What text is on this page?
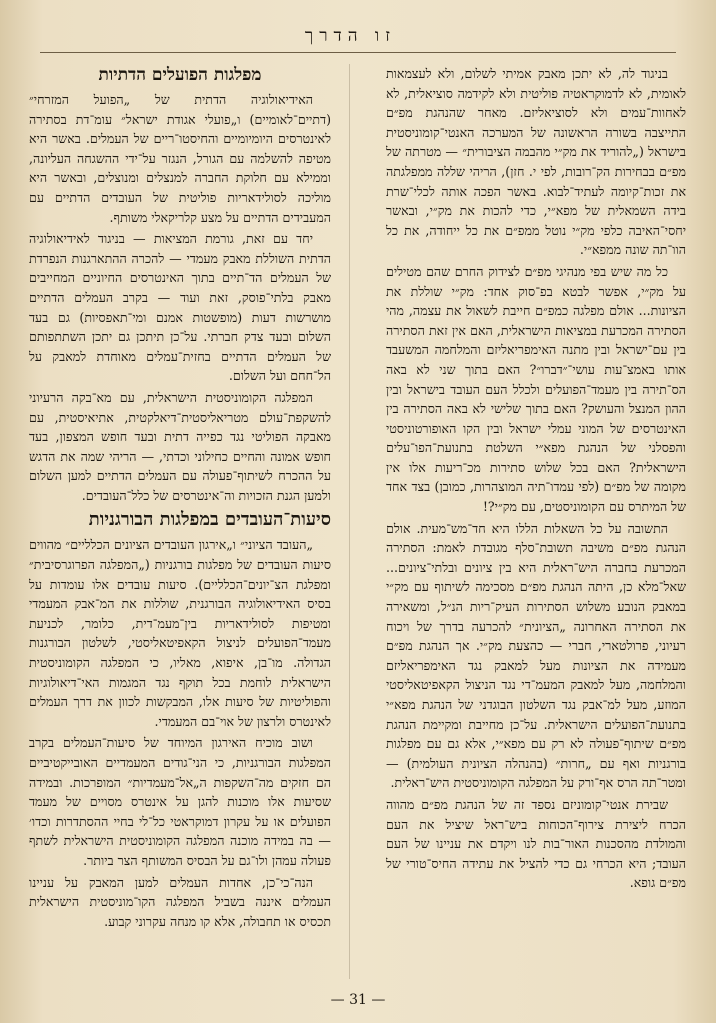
זו הדרך

בניגוד לה, לא יתכן מאבק אמיתי לשלום, ולא לעצמאות לאומית, לא לדמוקראטיה פוליטית ולא לקידמה סוציאלית, לא לאחוות־עמים ולא לסוציאליזם. מאחר שהנהגת מפ״ם התייצבה בשורה הראשונה של המערכה האנטי־קומוניסטית בישראל („להוריד את מק״י מהבמה הציבורית״ — מטרתה של מפ״ם בבחירות הק־רובות, לפי י. חזן), הריהי שללה ממפלגתה את זכות־קיומה לעתיד־לבוא. באשר הפכה אותה לכלי־שרת בידה השמאלית של מפא״י, כדי להכות את מק״י, ובאשר יחסי־האיבה כלפי מק״י נוטל ממפ״ם את כל ייחודה, את כל הוו־תה שונה ממפא״י.

כל מה שיש בפי מנהיגי מפ״ם לצידוק החרם שהם מטילים על מק״י, אפשר לבטא בפ־סוק אחד: מק״י שוללת את הציונות... אולם מפלגה כמפ״ם חייבת לשאול את עצמה, מהי הסתירה המכרעת במציאות הישראלית, האם אין זאת הסתירה בין עם־ישראל ובין מתנה האימפריאליזם והמלחמה המשעבד אותו באמצ־עות עושי־״דברו״? האם בתוך שני לא באה הס־תירה בין מעמד־הפועלים ולכלל העם העובד בישראל ובין ההון המנצל והעושק? האם בתוך שלישי לא באה הסתירה בין האינטרסים של המוני עמלי ישראל ובין הקו האופורטוניסטי והפסלני של הנהגת מפא״י השלטת בתנועת־הפו־עלים הישראלית? האם בכל שלוש סתירות מכ־ריעות אלו אין מקומה של מפ״ם (לפי עמדו־תיה המוצהרות, כמובן) בצד אחד של המיתרס עם הקומוניסטים, עם מק״י?!

התשובה על כל השאלות הללו היא חד־מש־מעית. אולם הנהגת מפ״ם משיבה תשובת־סלף מגובדת לאמת: הסתירה המכרעת בחברה היש־ראלית היא בין ציונים ובלתי־ציונים... שאל־מלא כן, היתה הנהגת מפ״ם מסכימה לשיתוף עם מק״י במאבק הנובע משלוש הסתירות העיק־ריות הנ״ל, ומשאירה את הסתירה האחרונה „הציונית״ להכרעה בדרך של ויכוח רעיוני, פרולטארי, חברי — כהצעת מק״י. אך הנהגת מפ״ם מעמידה את הציונות מעל למאבק נגד האימפריאליזם והמלחמה, מעל למאבק המעמ־די נגד הניצול הקאפיטאליסטי המוזע, מעל למ־אבק נגד השלטון הבוגדני של הנהגת מפא״י בתנועת־הפועלים הישראלית. על־כן מחייבת ומקיימת הנהגת מפ״ם שיתוף־פעולה לא רק עם מפא״י, אלא גם עם מפלגות בורגניות ואף עם „חרות״ (בהנהלה הציונית העולמית) — ומטר־תה הרס אף־ורק על המפלגה הקומוניסטית היש־ראלית.

שבירת אנטי־קומוניזם נספד זה של הנהגת מפ״ם מהווה הכרח ליצירת צירוף־הכוחות ביש־ראל שיציל את העם והמולדת מהסכנות האור־בות לנו ויקדם את עניינו של העם העובד; היא הכרחי גם כדי להציל את עתידה החיס־טורי של מפ״ם גופא.

מפלגות הפועלים הדתיות

האידיאולוגיה הדתית של „הפועל המזרחי״ (דתיים־לאומיים) ו„פועלי אגודת ישראל״ עומ־דת בסתירה לאינטרסים היומיומיים והחיסטו־ריים של העמלים. באשר היא מטיפה להשלמה עם הגורל, הנגזר על־ידי ההשגחה העליונה, וממילא עם חלוקת החברה למנצלים ומנוצלים, ובאשר היא מוליכה לסולידאריות פוליטית של העובדים הדתיים עם המעבידים הדתיים על מצע קלריקאלי משותף.

יחד עם זאת, גורמת המציאות — בניגוד לאידיאולוגיה הדתית השוללת מאבק מעמדי — להכרה ההתארגנות הנפרדת של העמלים הד־תיים בתוך האינטרסים החיוניים המחייבים מאבק בלתי־פוסק, זאת ועוד — בקרב העמלים הדתיים מושרשות דעות (מופשטות אמנם ומי־תאפסיות) גם בעד השלום ובעד צדק חברתי. על־כן תיתכן גם יתכן השתתפותם של העמלים הדתיים בחזית־עמלים מאוחדת למאבק על הל־חחם ועל השלום.

המפלגה הקומוניסטית הישראלית, עם מא־בקה הרעיוני להשקפת־עולם מטריאליסטית־דיאלקטית, אתיאיסטית, עם מאבקה הפוליטי נגד כפייה דתית ובעד חופש המצפון, בעד חופש אמונה והחיים כחילוני וכדתי, — הריהי שמה את הדגש על ההכרח לשיתוף־פעולה עם העמלים הדתיים למען השלום ולמען הגנת הזכויות וה־אינטרסים של כלל־העובדים.

סיעות־העובדים במפלגות הבורגניות

„העובד הציוני״ ו„אירגון העובדים הציונים הכלליים״ מהווים סיעות העובדים של מפלגות בורגניות („המפלגה הפרוגרסיבית״ ומפלגת הצ־יונים־הכלליים). סיעות עובדים אלו עומדות על בסיס האידיאולוגיה הבורגנית, שוללות את המ־אבק המעמדי ומטיפות לסולידאריות בין־מעמ־דית, כלומר, לכניעת מעמד־הפועלים לניצול הקאפיטאליסטי, לשלטון הבורגנות הגדולה. מו־בן, איפוא, מאליו, כי המפלגה הקומוניסטית הישראלית לוחמת בכל תוקף נגד המגמות האי־דיאולוגיות והפוליטיות של סיעות אלו, המבקשות לכוון את דרך העמלים לאינטרס ולרצון של אוי־בם המעמדי.

ושוב מוכיח האירגון המיוחד של סיעות־העמלים בקרב המפלגות הבורגניות, כי הני־גודים המעמדיים האובייקטיביים הם חזקים מה־השקפות ה„אל־מעמדיות״ המופרכות. ובמידה שסיעות אלו מוכנות להגן על אינטרס מסויים של מעמד הפועלים או על עקרון דמוקראטי כל־לי בחיי ההסתדרות וכדו׳ — בה במידה מוכנה המפלגה הקומוניסטית הישראלית לשתף פעולה עמהן ולו־גם על הבסיס המשותף הצר ביותר.

הנה־כי־כן, אחדות העמלים למען המאבק על עניינו העמלים איננה בשביל המפלגה הקו־מוניסטית הישראלית תכסיס או תחבולה, אלא קו מנחה עקרוני קבוע.

— 31 —
